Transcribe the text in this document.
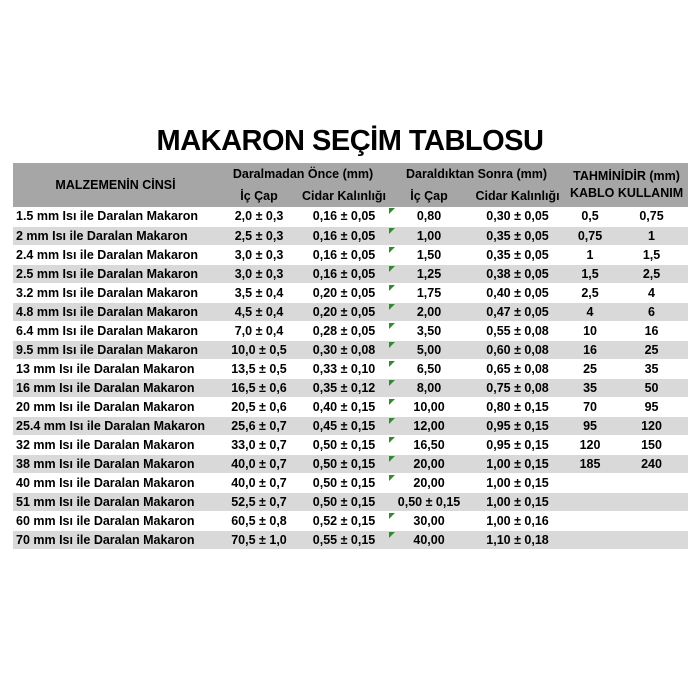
MAKARON SEÇİM TABLOSU
MALZEMENİN CİNSİ	Daralmadan Önce (mm)		Daraldıktan Sonra (mm)		TAHMİNİDİR (mm)
KABLO KULLANIM	

	İç Çap	Cidar Kalınlığı	İç Çap	Cidar Kalınlığı		
1.5 mm Isı ile Daralan Makaron	2,0 ± 0,3	0,16 ± 0,05	0,80	0,30 ± 0,05	0,5	0,75
2 mm Isı ile Daralan Makaron	2,5 ± 0,3	0,16 ± 0,05	1,00	0,35 ± 0,05	0,75	1
2.4 mm Isı ile Daralan Makaron	3,0 ± 0,3	0,16 ± 0,05	1,50	0,35 ± 0,05	1	1,5
2.5 mm Isı ile Daralan Makaron	3,0 ± 0,3	0,16 ± 0,05	1,25	0,38 ± 0,05	1,5	2,5
3.2 mm Isı ile Daralan Makaron	3,5 ± 0,4	0,20 ± 0,05	1,75	0,40 ± 0,05	2,5	4
4.8 mm Isı ile Daralan Makaron	4,5 ± 0,4	0,20 ± 0,05	2,00	0,47 ± 0,05	4	6
6.4 mm Isı ile Daralan Makaron	7,0 ± 0,4	0,28 ± 0,05	3,50	0,55 ± 0,08	10	16
9.5 mm Isı ile Daralan Makaron	10,0 ± 0,5	0,30 ± 0,08	5,00	0,60 ± 0,08	16	25
13 mm Isı ile Daralan Makaron	13,5 ± 0,5	0,33 ± 0,10	6,50	0,65 ± 0,08	25	35
16 mm Isı ile Daralan Makaron	16,5 ± 0,6	0,35 ± 0,12	8,00	0,75 ± 0,08	35	50
20 mm Isı ile Daralan Makaron	20,5 ± 0,6	0,40 ± 0,15	10,00	0,80 ± 0,15	70	95
25.4 mm Isı ile Daralan Makaron	25,6 ± 0,7	0,45 ± 0,15	12,00	0,95 ± 0,15	95	120
32 mm Isı ile Daralan Makaron	33,0 ± 0,7	0,50 ± 0,15	16,50	0,95 ± 0,15	120	150
38 mm Isı ile Daralan Makaron	40,0 ± 0,7	0,50 ± 0,15	20,00	1,00 ± 0,15	185	240
40 mm Isı ile Daralan Makaron	40,0 ± 0,7	0,50 ± 0,15	20,00	1,00 ± 0,15		
51 mm Isı ile Daralan Makaron	52,5 ± 0,7	0,50 ± 0,15	0,50 ± 0,15	1,00 ± 0,15		
60 mm Isı ile Daralan Makaron	60,5 ± 0,8	0,52 ± 0,15	30,00	1,00 ± 0,16		
70 mm Isı ile Daralan Makaron	70,5 ± 1,0	0,55 ± 0,15	40,00	1,10 ± 0,18		
